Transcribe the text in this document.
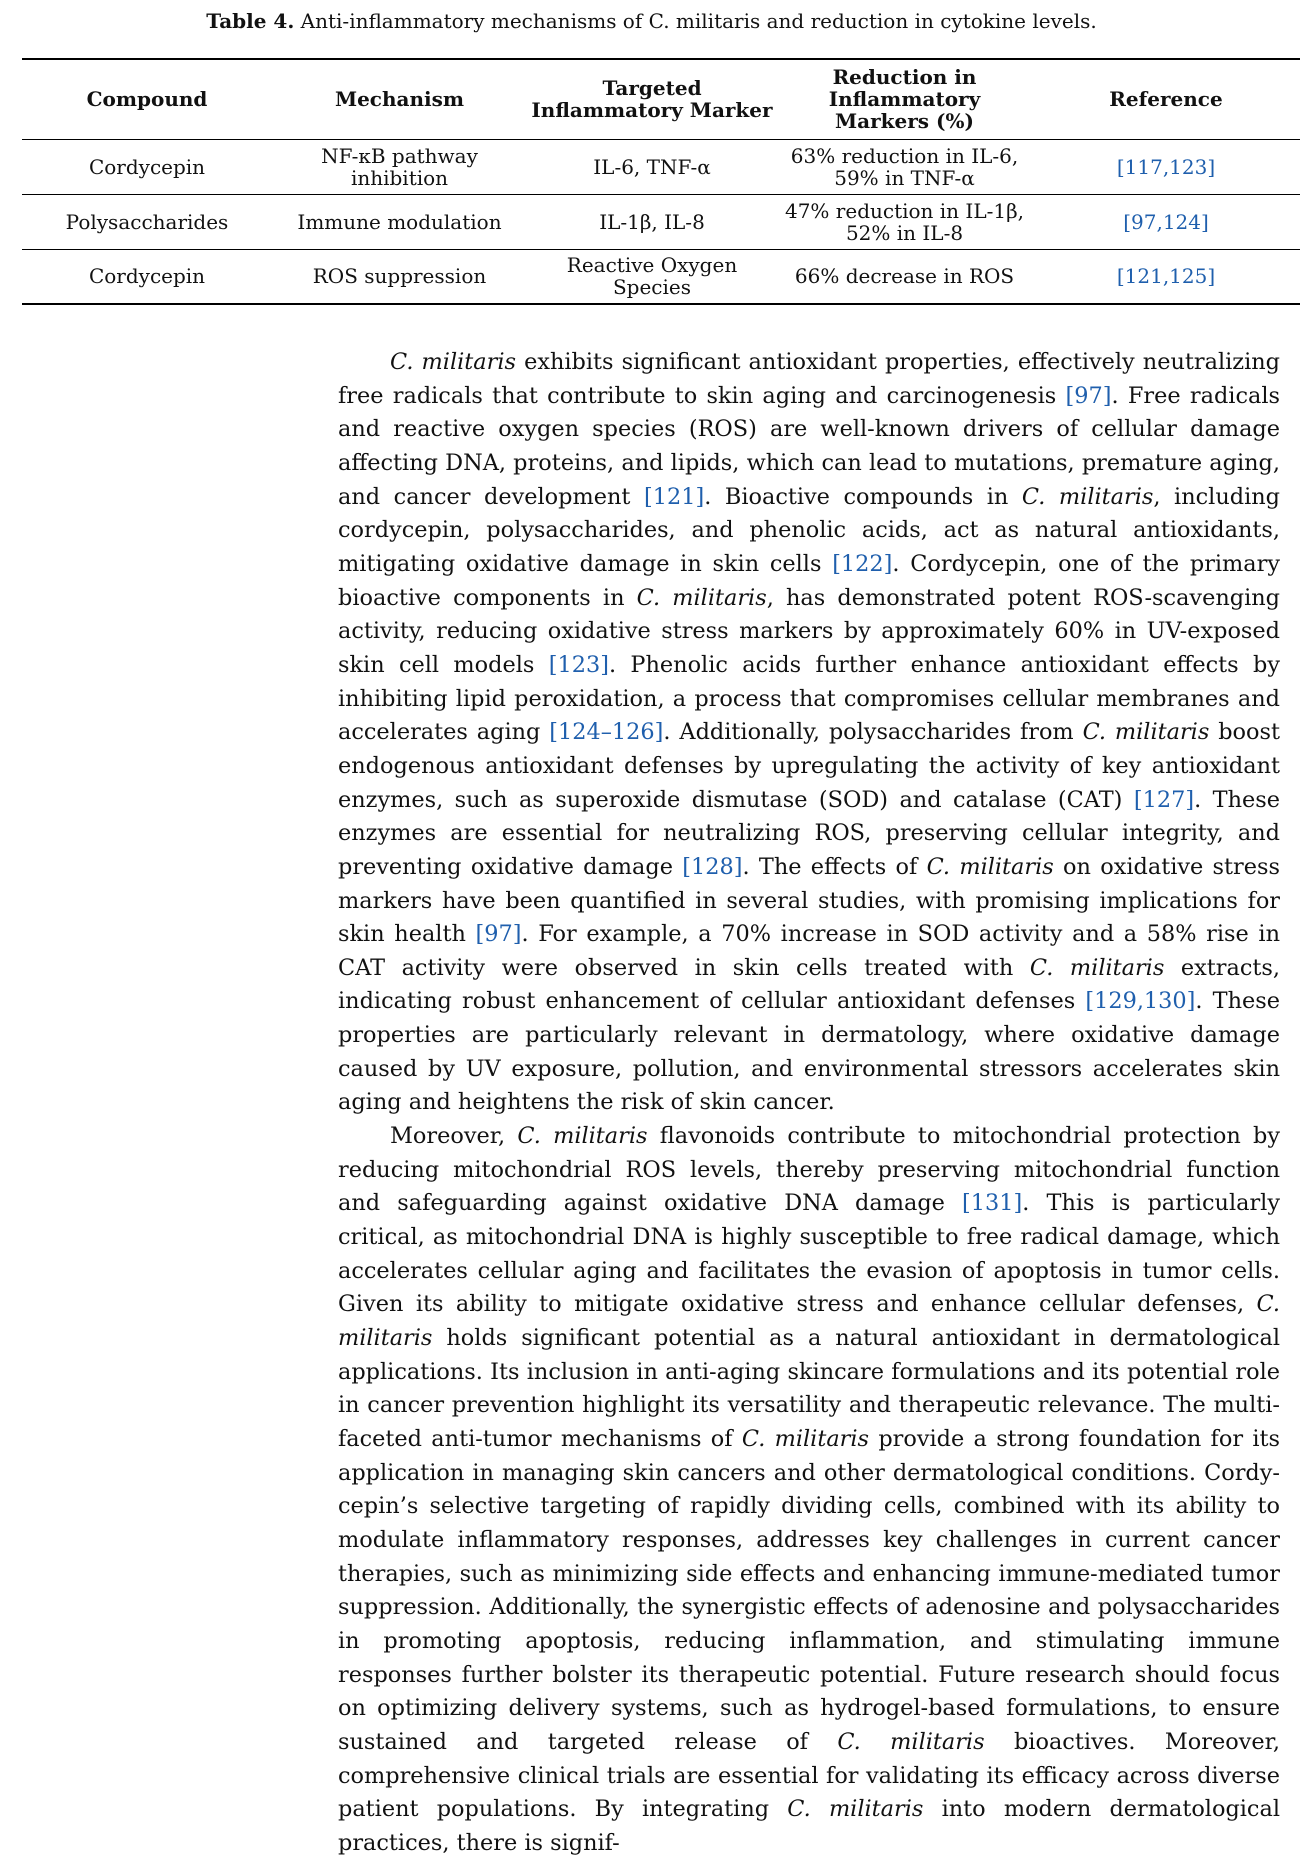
Table 4. Anti-inflammatory mechanisms of C. militaris and reduction in cytokine levels.
Compound	Mechanism	Targeted Inflammatory Marker	Reduction in Inflammatory Markers (%)	Reference
Cordycepin	NF-κB pathway inhibition	IL-6, TNF-α	63% reduction in IL-6, 59% in TNF-α	[117,123]
Polysaccharides	Immune modulation	IL-1β, IL-8	47% reduction in IL-1β, 52% in IL-8	[97,124]
Cordycepin	ROS suppression	Reactive Oxygen Species	66% decrease in ROS	[121,125]

C. militaris exhibits significant antioxidant properties, effectively neutralizing free radicals that contribute to skin aging and carcinogenesis [97]. Free radicals and reactive oxygen species (ROS) are well-known drivers of cellular damage affecting DNA, proteins, and lipids, which can lead to mutations, premature aging, and cancer development [121]. Bioactive compounds in C. militaris, including cordycepin, polysaccharides, and phenolic acids, act as natural antioxidants, mitigating oxidative damage in skin cells [122]. Cordycepin, one of the primary bioactive components in C. militaris, has demonstrated potent ROS-scavenging activity, reducing oxidative stress markers by approximately 60% in UV-exposed skin cell models [123]. Phenolic acids further enhance antioxidant effects by inhibiting lipid peroxidation, a process that compromises cellular membranes and accelerates aging [124–126]. Additionally, polysaccharides from C. militaris boost endogenous antioxidant defenses by upregulating the activity of key antioxidant enzymes, such as superoxide dismutase (SOD) and catalase (CAT) [127]. These enzymes are essential for neutralizing ROS, preserving cellular integrity, and preventing oxidative damage [128]. The effects of C. militaris on oxidative stress markers have been quantified in several studies, with promising implications for skin health [97]. For example, a 70% increase in SOD activity and a 58% rise in CAT activity were observed in skin cells treated with C. militaris extracts, indicating robust enhancement of cellular antioxidant defenses [129,130]. These properties are particularly relevant in dermatology, where oxidative damage caused by UV exposure, pollution, and environmental stressors accelerates skin aging and heightens the risk of skin cancer.

Moreover, C. militaris flavonoids contribute to mitochondrial protection by reducing mitochondrial ROS levels, thereby preserving mitochondrial function and safeguarding against oxidative DNA damage [131]. This is particularly critical, as mitochondrial DNA is highly susceptible to free radical damage, which accelerates cellular aging and facilitates the evasion of apoptosis in tumor cells. Given its ability to mitigate oxidative stress and enhance cellular defenses, C. militaris holds significant potential as a natural antioxidant in dermatological applications. Its inclusion in anti-aging skincare formulations and its potential role in cancer prevention highlight its versatility and therapeutic relevance. The multi-faceted anti-tumor mechanisms of C. militaris provide a strong foundation for its application in managing skin cancers and other dermatological conditions. Cordycepin’s selective targeting of rapidly dividing cells, combined with its ability to modulate inflammatory responses, addresses key challenges in current cancer therapies, such as minimizing side effects and enhancing immune-mediated tumor suppression. Additionally, the synergistic effects of adenosine and polysaccharides in promoting apoptosis, reducing inflammation, and stimulating immune responses further bolster its therapeutic potential. Future research should focus on optimizing delivery systems, such as hydrogel-based formulations, to ensure sustained and targeted release of C. militaris bioactives. Moreover, comprehensive clinical trials are essential for validating its efficacy across diverse patient populations. By integrating C. militaris into modern dermatological practices, there is signif-
